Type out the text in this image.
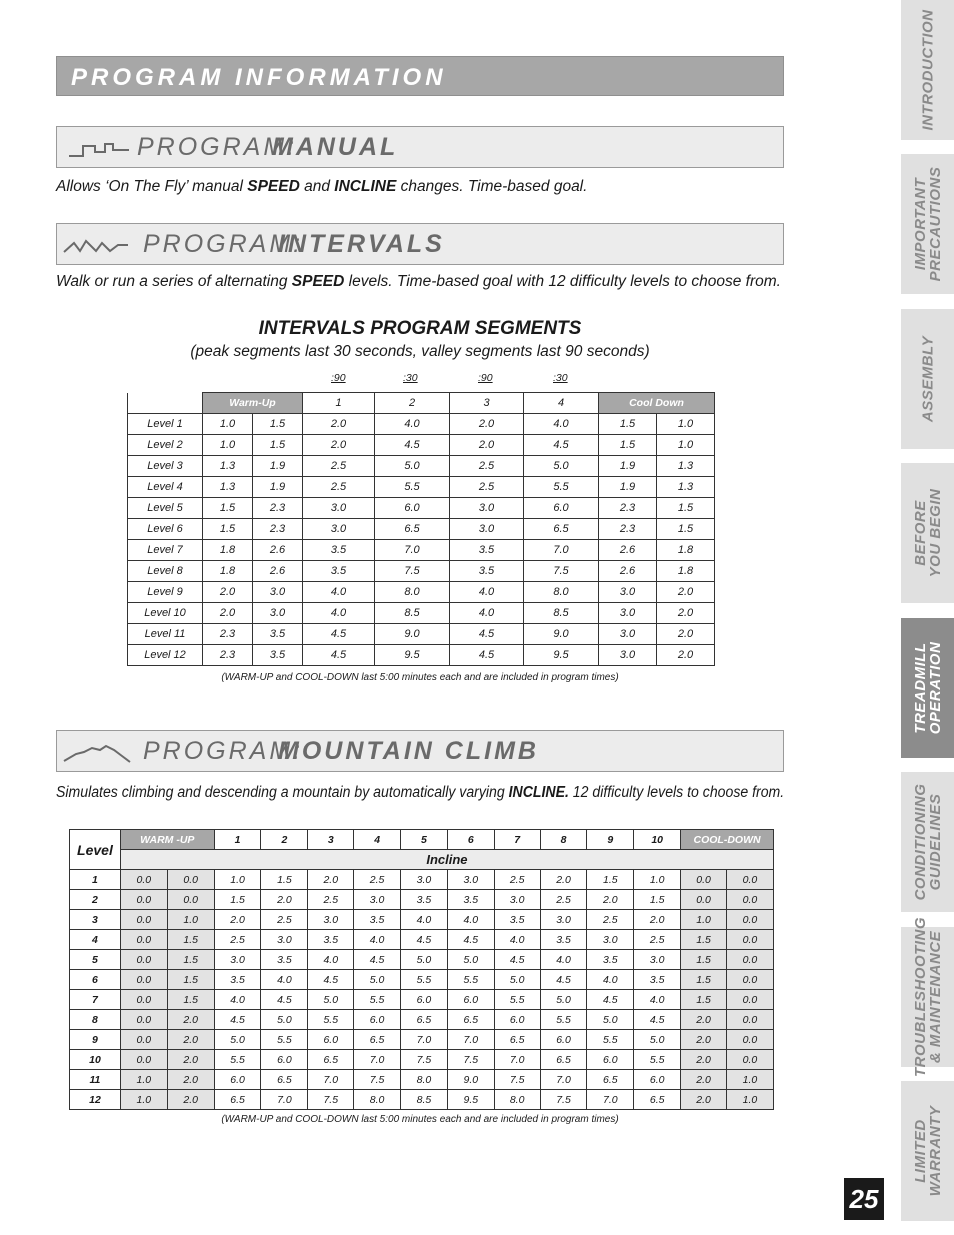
PROGRAM INFORMATION
PROGRAM:
MANUAL
Allows ‘On The Fly’ manual SPEED and INCLINE changes. Time-based goal.
PROGRAM:
INTERVALS
Walk or run a series of alternating SPEED levels. Time-based goal with 12 difficulty levels to choose from.
INTERVALS PROGRAM SEGMENTS
(peak segments last 30 seconds, valley segments last 90 seconds)
:90	:30	:90	:30
	Warm-Up		1	2	3	4	Cool Down	
Level 1	1.0	1.5	2.0	4.0	2.0	4.0	1.5	1.0
Level 2	1.0	1.5	2.0	4.5	2.0	4.5	1.5	1.0
Level 3	1.3	1.9	2.5	5.0	2.5	5.0	1.9	1.3
Level 4	1.3	1.9	2.5	5.5	2.5	5.5	1.9	1.3
Level 5	1.5	2.3	3.0	6.0	3.0	6.0	2.3	1.5
Level 6	1.5	2.3	3.0	6.5	3.0	6.5	2.3	1.5
Level 7	1.8	2.6	3.5	7.0	3.5	7.0	2.6	1.8
Level 8	1.8	2.6	3.5	7.5	3.5	7.5	2.6	1.8
Level 9	2.0	3.0	4.0	8.0	4.0	8.0	3.0	2.0
Level 10	2.0	3.0	4.0	8.5	4.0	8.5	3.0	2.0
Level 11	2.3	3.5	4.5	9.0	4.5	9.0	3.0	2.0
Level 12	2.3	3.5	4.5	9.5	4.5	9.5	3.0	2.0
(WARM-UP and COOL-DOWN last 5:00 minutes each and are included in program times)
PROGRAM:
MOUNTAIN CLIMB
Simulates climbing and descending a mountain by automatically varying INCLINE. 12 difficulty levels to choose from.
Level	WARM -UP		1	2	3	4	5	6	7	8	9	10	COOL-DOWN	
	Incline													
1	0.0	0.0	1.0	1.5	2.0	2.5	3.0	3.0	2.5	2.0	1.5	1.0	0.0	0.0
2	0.0	0.0	1.5	2.0	2.5	3.0	3.5	3.5	3.0	2.5	2.0	1.5	0.0	0.0
3	0.0	1.0	2.0	2.5	3.0	3.5	4.0	4.0	3.5	3.0	2.5	2.0	1.0	0.0
4	0.0	1.5	2.5	3.0	3.5	4.0	4.5	4.5	4.0	3.5	3.0	2.5	1.5	0.0
5	0.0	1.5	3.0	3.5	4.0	4.5	5.0	5.0	4.5	4.0	3.5	3.0	1.5	0.0
6	0.0	1.5	3.5	4.0	4.5	5.0	5.5	5.5	5.0	4.5	4.0	3.5	1.5	0.0
7	0.0	1.5	4.0	4.5	5.0	5.5	6.0	6.0	5.5	5.0	4.5	4.0	1.5	0.0
8	0.0	2.0	4.5	5.0	5.5	6.0	6.5	6.5	6.0	5.5	5.0	4.5	2.0	0.0
9	0.0	2.0	5.0	5.5	6.0	6.5	7.0	7.0	6.5	6.0	5.5	5.0	2.0	0.0
10	0.0	2.0	5.5	6.0	6.5	7.0	7.5	7.5	7.0	6.5	6.0	5.5	2.0	0.0
11	1.0	2.0	6.0	6.5	7.0	7.5	8.0	9.0	7.5	7.0	6.5	6.0	2.0	1.0
12	1.0	2.0	6.5	7.0	7.5	8.0	8.5	9.5	8.0	7.5	7.0	6.5	2.0	1.0
(WARM-UP and COOL-DOWN last 5:00 minutes each and are included in program times)
INTRODUCTION
IMPORTANT
PRECAUTIONS
ASSEMBLY
BEFORE
YOU BEGIN
TREADMILL
OPERATION
CONDITIONING
GUIDELINES
TROUBLESHOOTING
& MAINTENANCE
LIMITED
WARRANTY
25
